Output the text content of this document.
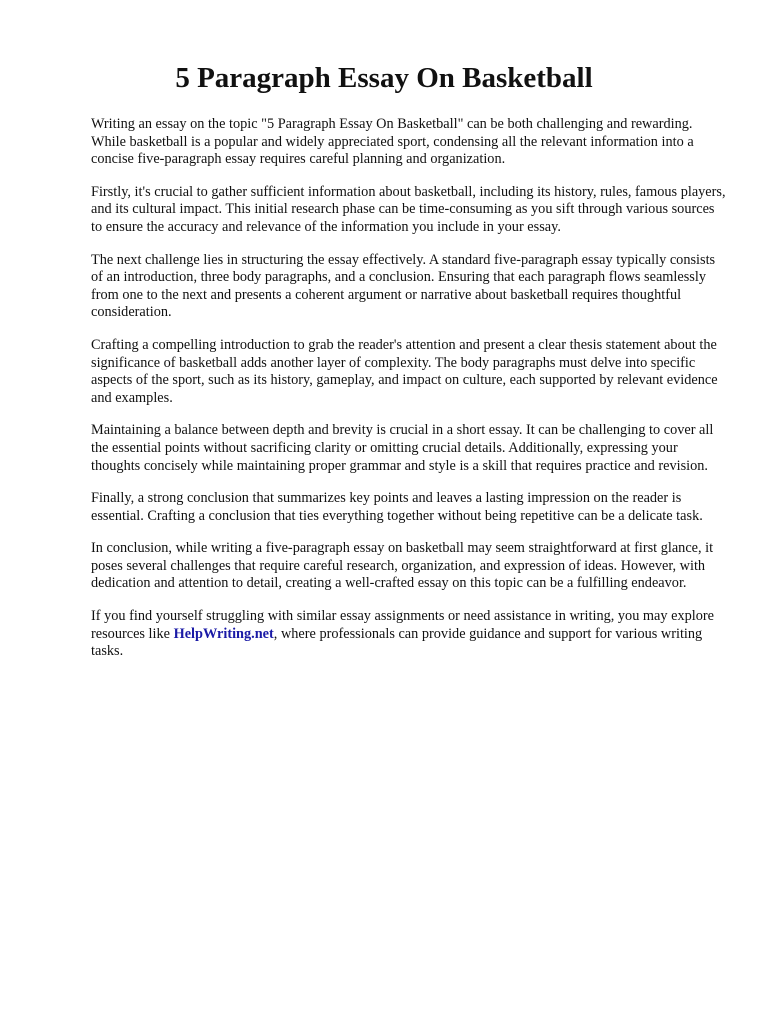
5 Paragraph Essay On Basketball

Writing an essay on the topic "5 Paragraph Essay On Basketball" can be both challenging and rewarding. While basketball is a popular and widely appreciated sport, condensing all the relevant information into a concise five-paragraph essay requires careful planning and organization.

Firstly, it's crucial to gather sufficient information about basketball, including its history, rules, famous players, and its cultural impact. This initial research phase can be time-consuming as you sift through various sources to ensure the accuracy and relevance of the information you include in your essay.

The next challenge lies in structuring the essay effectively. A standard five-paragraph essay typically consists of an introduction, three body paragraphs, and a conclusion. Ensuring that each paragraph flows seamlessly from one to the next and presents a coherent argument or narrative about basketball requires thoughtful consideration.

Crafting a compelling introduction to grab the reader's attention and present a clear thesis statement about the significance of basketball adds another layer of complexity. The body paragraphs must delve into specific aspects of the sport, such as its history, gameplay, and impact on culture, each supported by relevant evidence and examples.

Maintaining a balance between depth and brevity is crucial in a short essay. It can be challenging to cover all the essential points without sacrificing clarity or omitting crucial details. Additionally, expressing your thoughts concisely while maintaining proper grammar and style is a skill that requires practice and revision.

Finally, a strong conclusion that summarizes key points and leaves a lasting impression on the reader is essential. Crafting a conclusion that ties everything together without being repetitive can be a delicate task.

In conclusion, while writing a five-paragraph essay on basketball may seem straightforward at first glance, it poses several challenges that require careful research, organization, and expression of ideas. However, with dedication and attention to detail, creating a well-crafted essay on this topic can be a fulfilling endeavor.

If you find yourself struggling with similar essay assignments or need assistance in writing, you may explore resources like HelpWriting.net, where professionals can provide guidance and support for various writing tasks.
